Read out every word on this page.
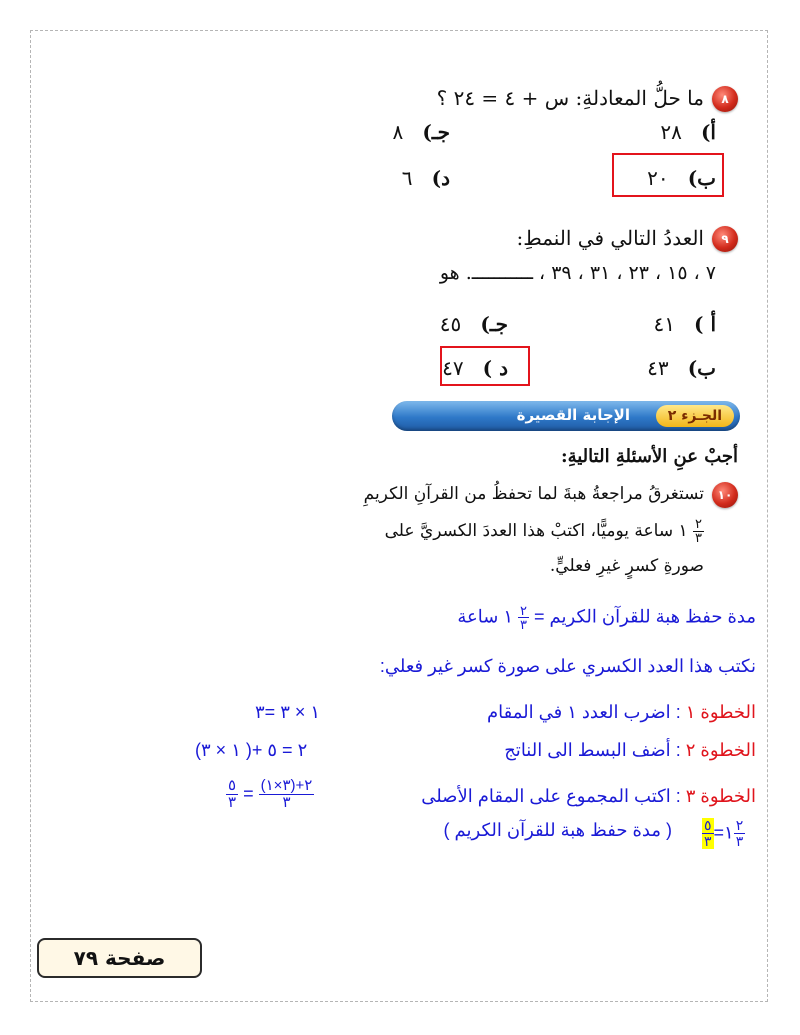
٨
ما حلُّ المعادلةِ: س + ٤ = ٢٤ ؟
أ)   ٢٨
جـ)   ٨
ب)   ٢٠
د)   ٦
٩
العددُ التالي في النمطِ:
٧ ، ١٥ ، ٢٣ ، ٣١ ، ٣٩ ، ـــــــــــ. هو
أ )   ٤١
جـ)   ٤٥
ب)   ٤٣
د )   ٤٧
الجـزء ٢
الإجابة القصيرة
أجبْ عنِ الأسئلةِ التاليةِ:
١٠
تستغرقُ مراجعةُ هبةَ لما تحفظُ من القرآنِ الكريمِ
$\frac{٢}{٣}$
١ ساعة يوميًّا، اكتبْ هذا العددَ الكسريَّ على
صورةِ كسرٍ غيرِ فعليٍّ.
مدة حفظ هبة للقرآن الكريم =
$\frac{٢}{٣}$
١ ساعة
نكتب هذا العدد الكسري على صورة كسر غير فعلي:
الخطوة ١ : اضرب العدد ١ في المقام
١ × ٣ =٣
الخطوة ٢ : أضف البسط الى الناتج
(١ × ٣ )+ ٢ = ٥
الخطوة ٣ : اكتب المجموع على المقام الأصلى
$\frac{٥}{٣} = \frac{٢+(٣\times ١)}{٣}$
$\frac{٥}{٣}$ =١ $\frac{٢}{٣}$
( مدة حفظ هبة للقرآن الكريم )
صفحة ٧٩
